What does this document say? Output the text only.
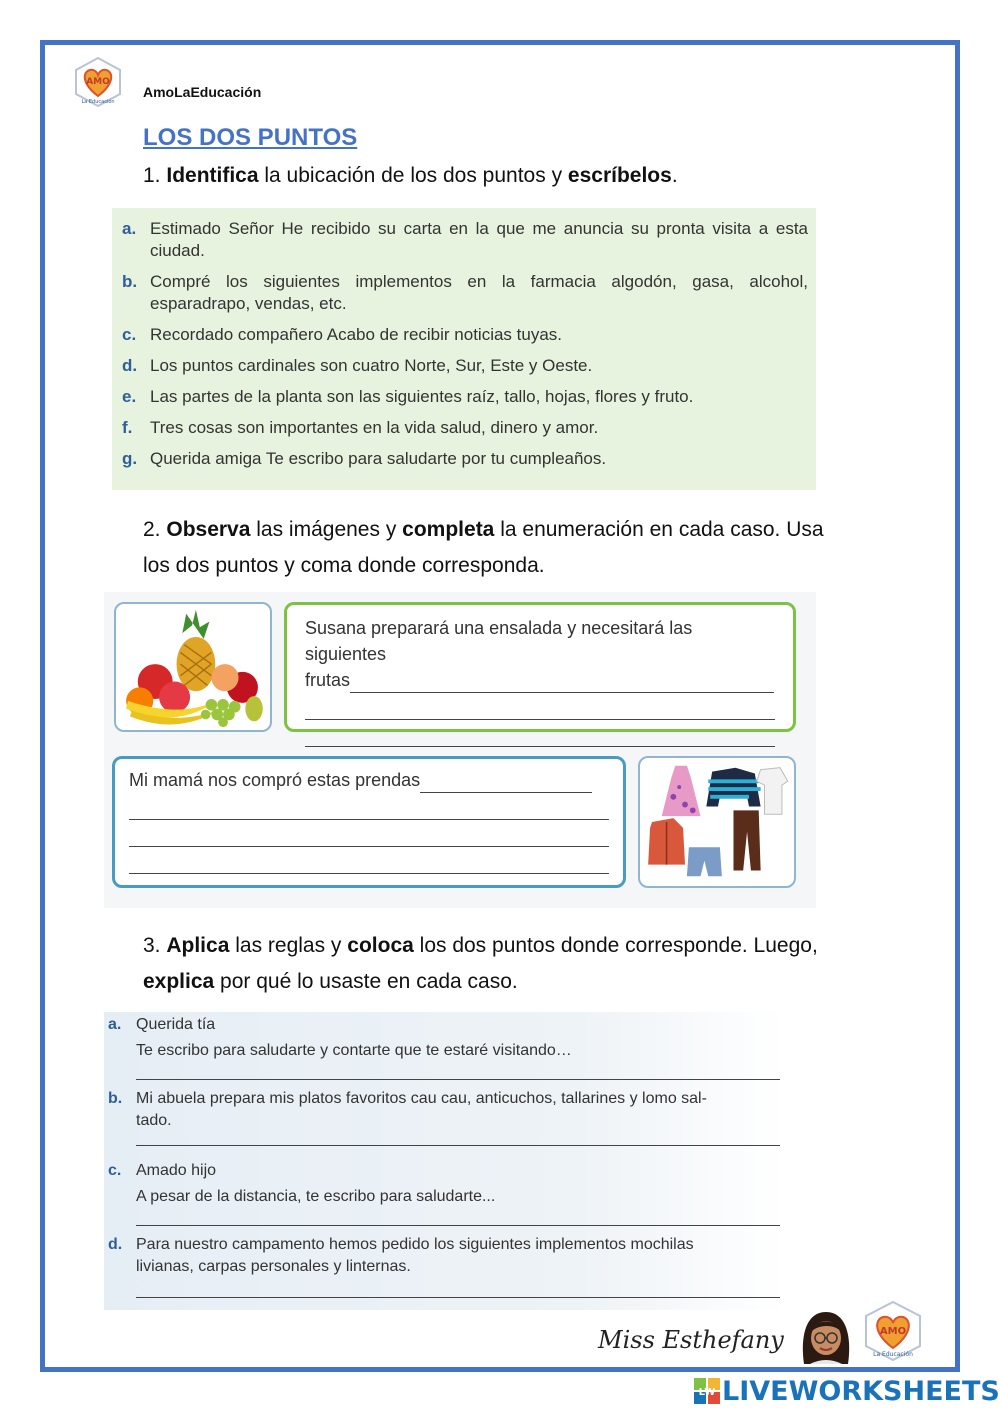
AMO
La Educación
AmoLaEducación
LOS DOS PUNTOS
1. Identifica la ubicación de los dos puntos y escríbelos.
a. Estimado Señor He recibido su carta en la que me anuncia su pronta visita a esta ciudad.
b. Compré los siguientes implementos en la farmacia algodón, gasa, alcohol, esparadrapo, vendas, etc.
c. Recordado compañero Acabo de recibir noticias tuyas.
d. Los puntos cardinales son cuatro Norte, Sur, Este y Oeste.
e. Las partes de la planta son las siguientes raíz, tallo, hojas, flores y fruto.
f.	Tres cosas son importantes en la vida salud, dinero y amor.
g. Querida amiga Te escribo para saludarte por tu cumpleaños.
2. Observa las imágenes y completa la enumeración en cada caso. Usa los dos puntos y coma donde corresponda.
Susana preparará una ensalada y necesitará las siguientes
frutas
Mi mamá nos compró estas prendas
3. Aplica las reglas y coloca los dos puntos donde corresponde. Luego, explica por qué lo usaste en cada caso.
a. Querida tía
Te escribo para saludarte y contarte que te estaré visitando…
b. Mi abuela prepara mis platos favoritos cau cau, anticuchos, tallarines y lomo sal-
tado.
c. Amado hijo
A pesar de la distancia, te escribo para saludarte...
d. Para nuestro campamento hemos pedido los siguientes implementos mochilas
livianas, carpas personales y linternas.
Miss Esthefany	AMO
La Educación
LW LIVEWORKSHEETS
